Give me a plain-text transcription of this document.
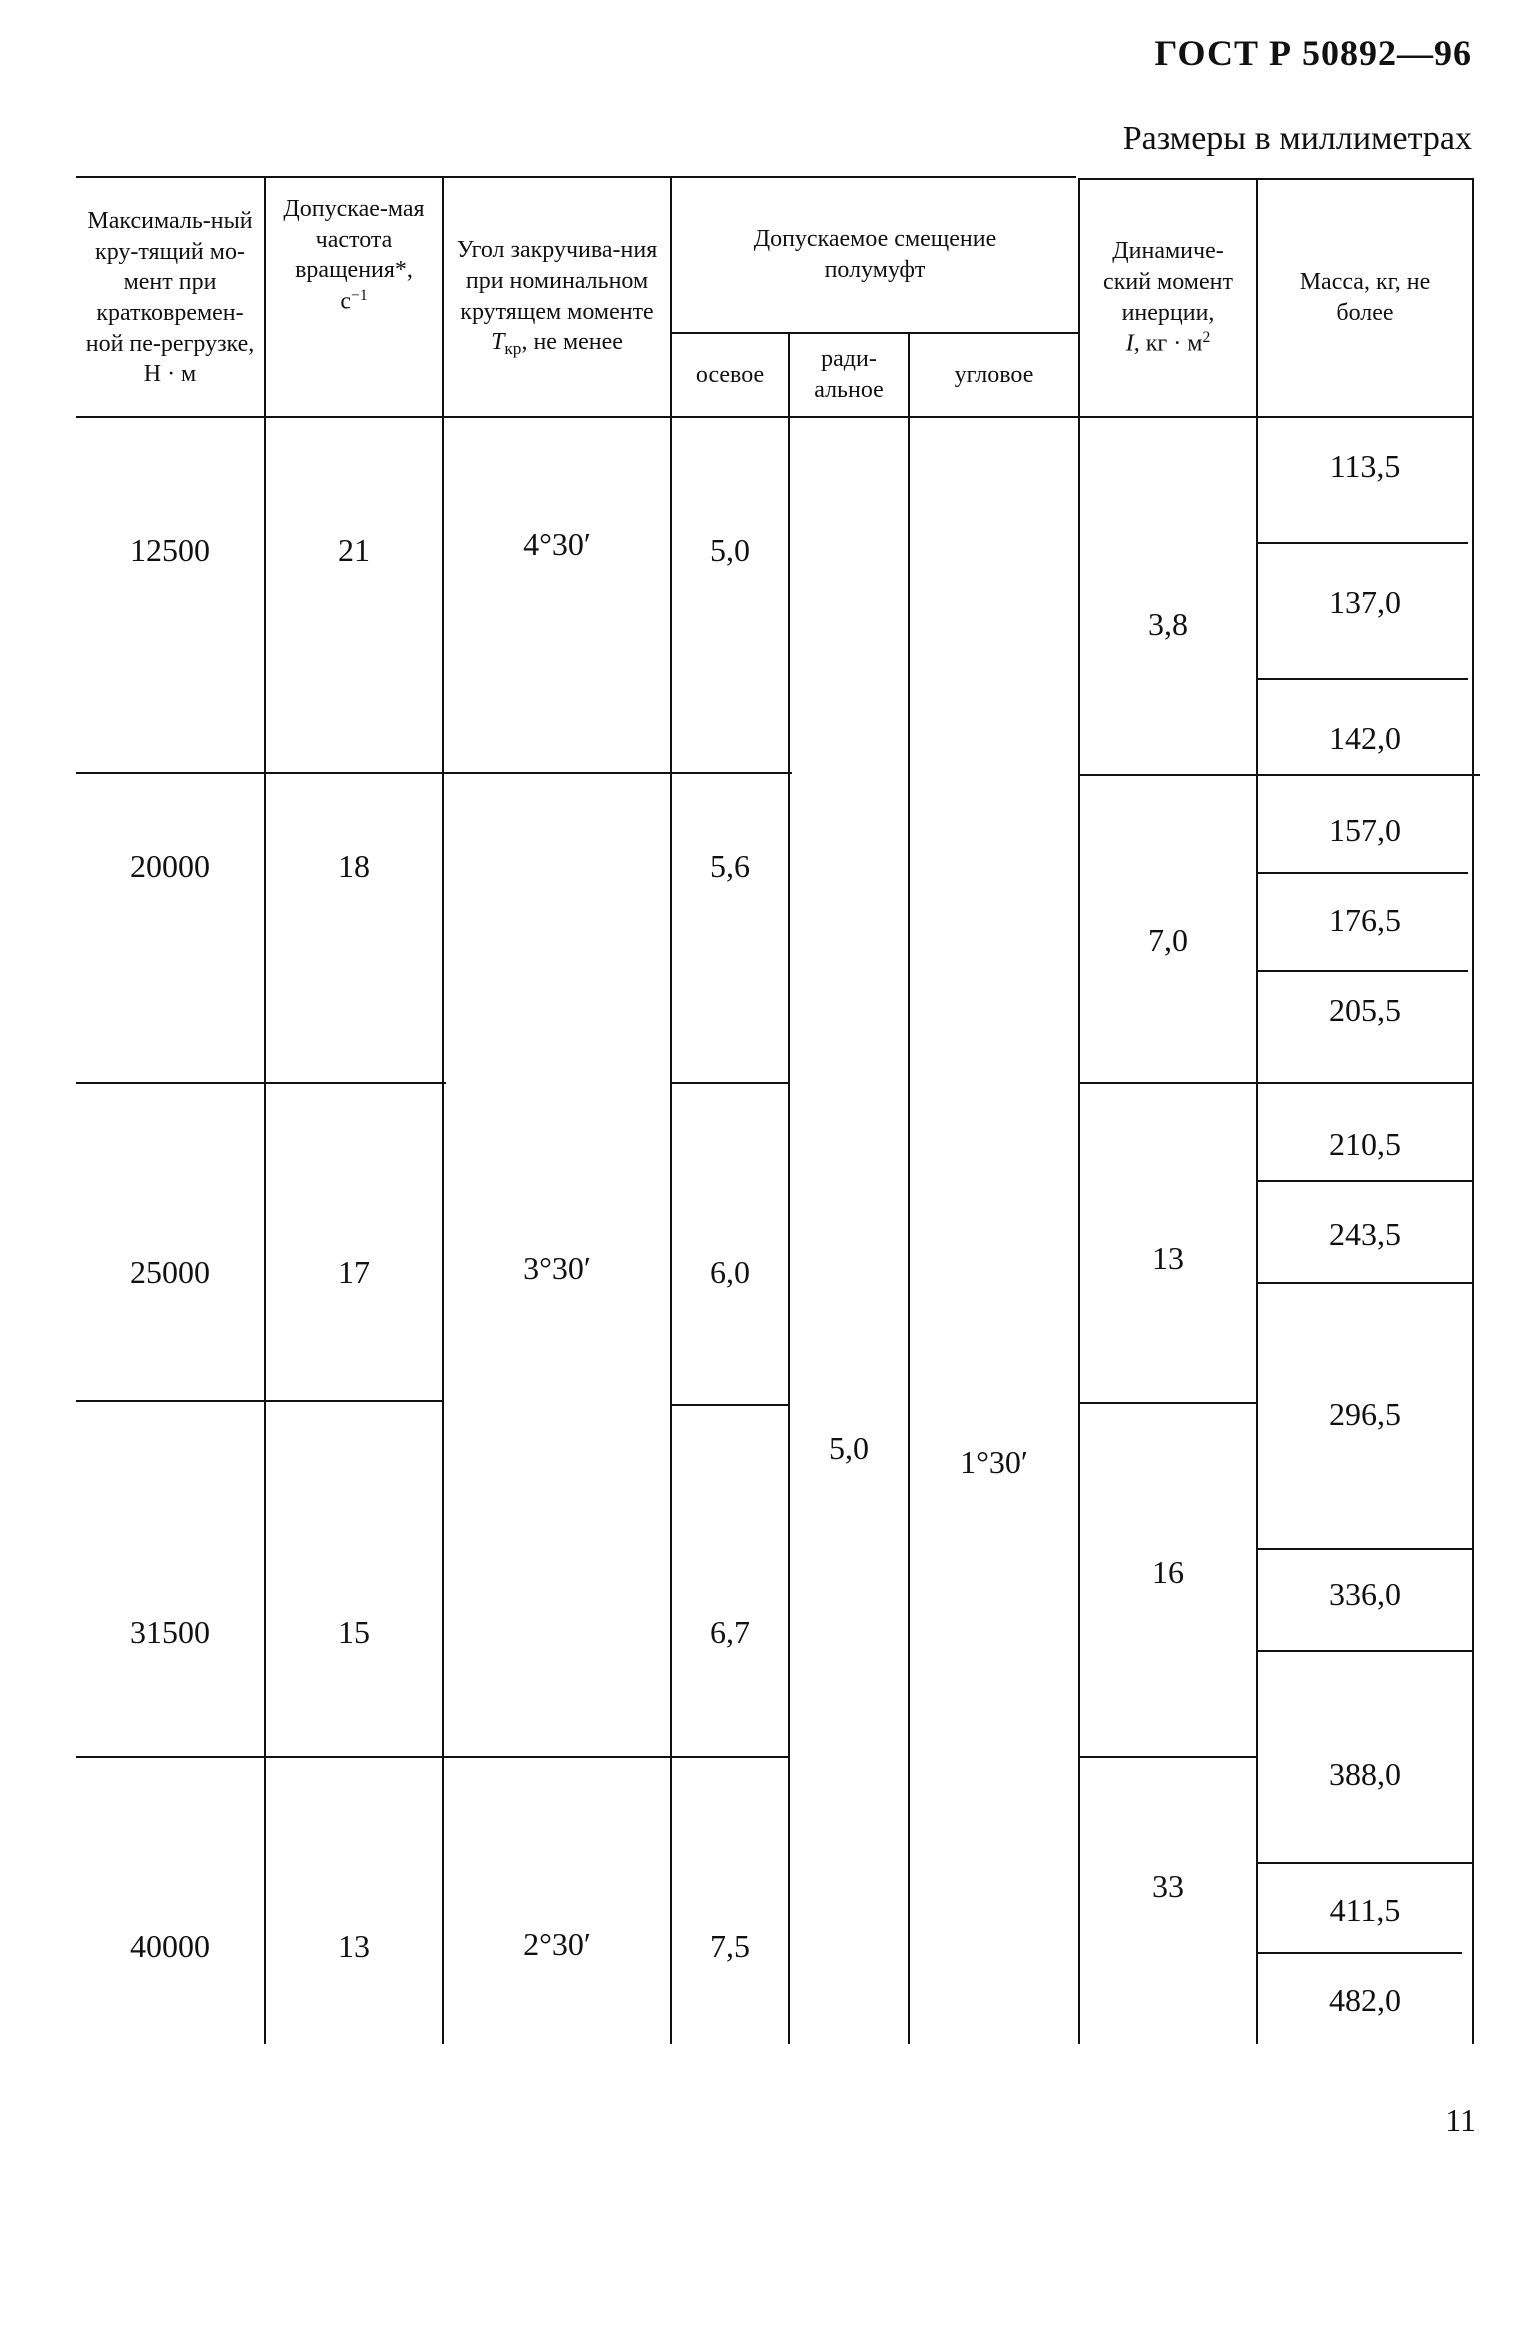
ГОСТ Р 50892—96
Размеры в миллиметрах
Максималь-ный кру-тящий мо-мент при кратковремен-ной пе-регрузке, Н · м
Допускае-мая частота вращения*,
$с^{-1}$
Угол закручива-ния при номинальном крутящем моменте $T_{кр}$, не менее
Допускаемое смещение полумуфт
осевое
ради-альное
угловое
Динамиче-ский момент инерции,
I, кг · $м^2$
Масса, кг, не более
12500
20000
25000
31500
40000
21
18
17
15
13
4°30′
3°30′
2°30′
5,0
5,6
6,0
6,7
7,5
5,0	1°30′
3,8
7,0
13
16
33
113,5
137,0
142,0
157,0
176,5
205,5
210,5
243,5
296,5
336,0
388,0
411,5
482,0
11
